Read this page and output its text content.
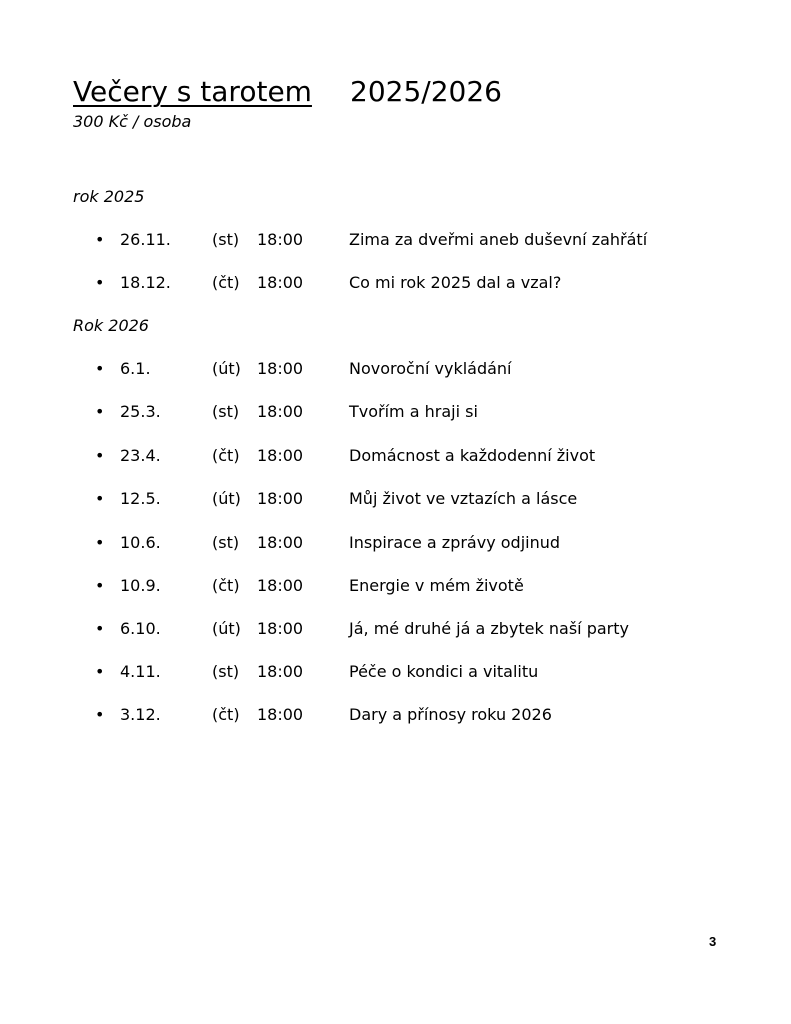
Večery s tarotem 2025/2026
300 Kč / osoba
rok 2025
• 26.11.	(st) 18:00	Zima za dveřmi aneb duševní zahřátí
• 18.12.	(čt) 18:00	Co mi rok 2025 dal a vzal?
Rok 2026
• 6.1.	(út) 18:00	Novoroční vykládání
• 25.3.	(st) 18:00	Tvořím a hraji si
• 23.4.	(čt) 18:00	Domácnost a každodenní život
• 12.5.	(út) 18:00	Můj život ve vztazích a lásce
• 10.6.	(st) 18:00	Inspirace a zprávy odjinud
• 10.9.	(čt) 18:00	Energie v mém životě
• 6.10.	(út) 18:00	Já, mé druhé já a zbytek naší party
• 4.11.	(st) 18:00	Péče o kondici a vitalitu
• 3.12.	(čt) 18:00	Dary a přínosy roku 2026
3
